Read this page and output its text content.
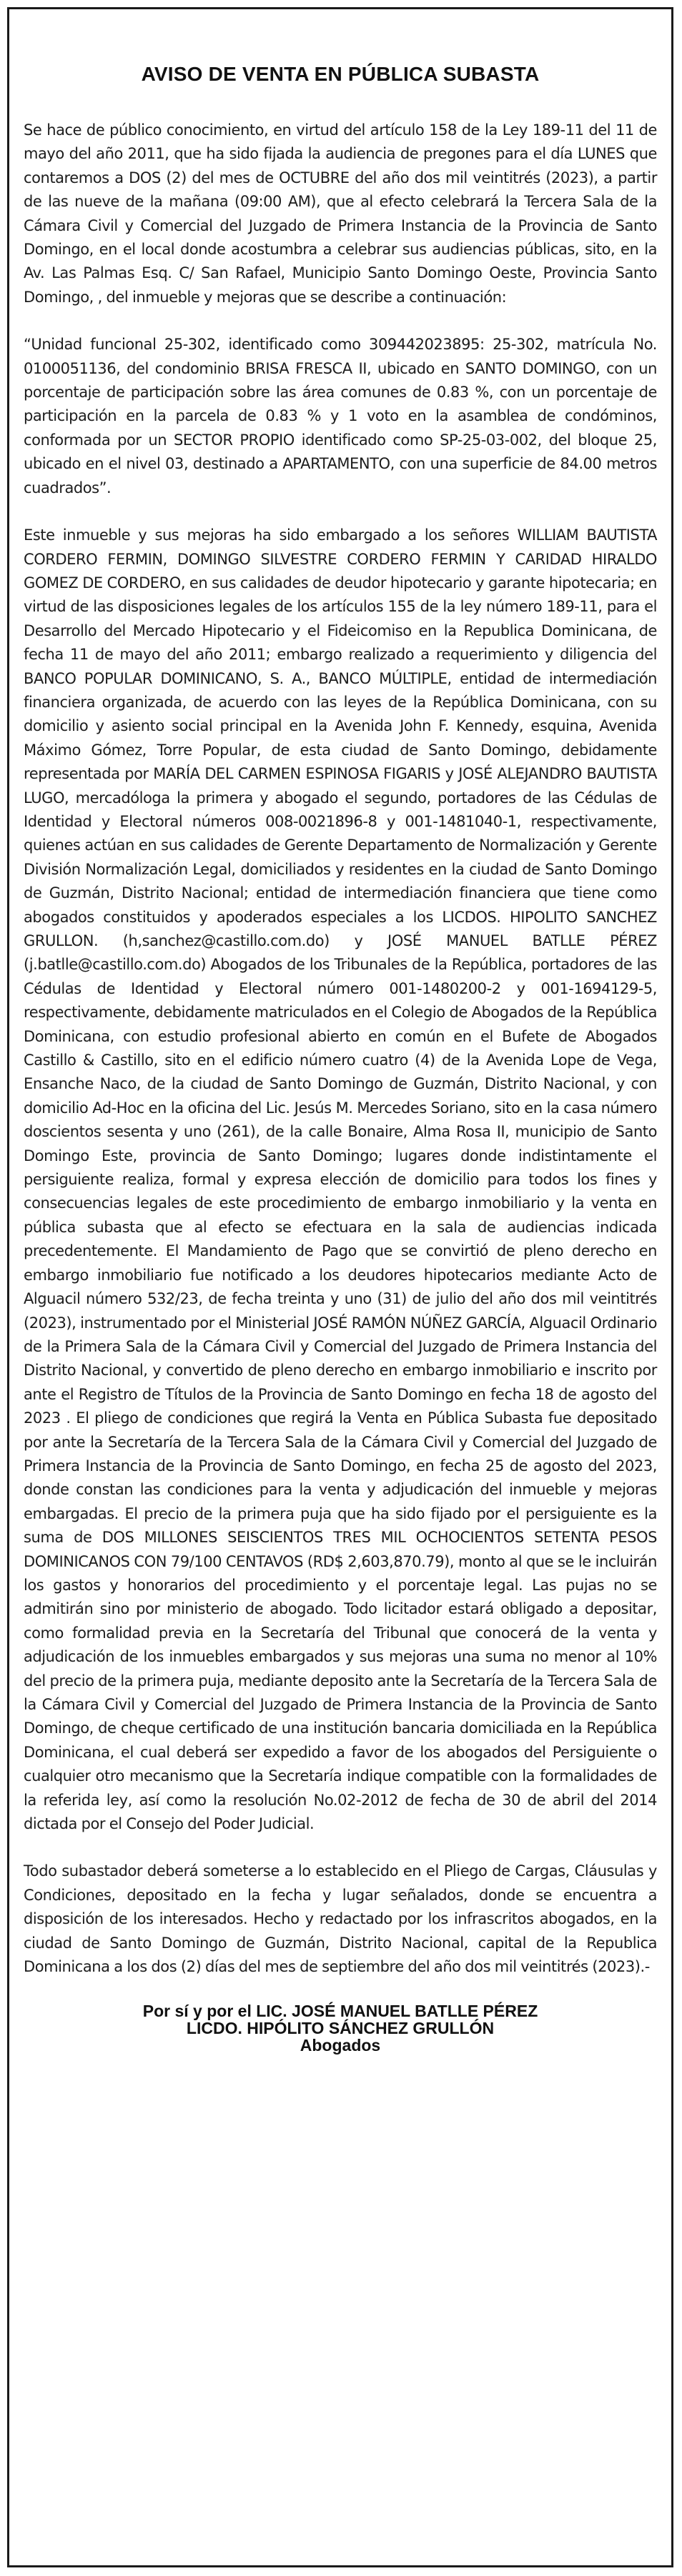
AVISO DE VENTA EN PÚBLICA SUBASTA

Se hace de público conocimiento, en virtud del artículo 158 de la Ley 189-11 del 11 de mayo del año 2011, que ha sido fijada la audiencia de pregones para el día LUNES que contaremos a DOS (2) del mes de OCTUBRE del año dos mil veintitrés (2023), a partir de las nueve de la mañana (09:00 AM), que al efecto celebrará la Tercera Sala de la Cámara Civil y Comercial del Juzgado de Primera Instancia de la Provincia de Santo Domingo, en el local donde acostumbra a celebrar sus audiencias públicas, sito, en la Av. Las Palmas Esq. C/ San Rafael, Municipio Santo Domingo Oeste, Provincia Santo Domingo, , del inmueble y mejoras que se describe a continuación:

“Unidad funcional 25-302, identificado como 309442023895: 25-302, matrícula No. 0100051136, del condominio BRISA FRESCA II, ubicado en SANTO DOMINGO, con un porcentaje de participación sobre las área comunes de 0.83 %, con un porcentaje de participación en la parcela de 0.83 % y 1 voto en la asamblea de condóminos, conformada por un SECTOR PROPIO identificado como SP-25-03-002, del bloque 25, ubicado en el nivel 03, destinado a APARTAMENTO, con una superficie de 84.00 metros cuadrados”.

Este inmueble y sus mejoras ha sido embargado a los señores WILLIAM BAUTISTA CORDERO FERMIN, DOMINGO SILVESTRE CORDERO FERMIN Y CARIDAD HIRALDO GOMEZ DE CORDERO, en sus calidades de deudor hipotecario y garante hipotecaria; en virtud de las disposiciones legales de los artículos 155 de la ley número 189-11, para el Desarrollo del Mercado Hipotecario y el Fideicomiso en la Republica Dominicana, de fecha 11 de mayo del año 2011; embargo realizado a requerimiento y diligencia del BANCO POPULAR DOMINICANO, S. A., BANCO MÚLTIPLE, entidad de intermediación financiera organizada, de acuerdo con las leyes de la República Dominicana, con su domicilio y asiento social principal en la Avenida John F. Kennedy, esquina, Avenida Máximo Gómez, Torre Popular, de esta ciudad de Santo Domingo, debidamente representada por MARÍA DEL CARMEN ESPINOSA FIGARIS y JOSÉ ALEJANDRO BAUTISTA LUGO, mercadóloga la primera y abogado el segundo, portadores de las Cédulas de Identidad y Electoral números 008-0021896-8 y 001-1481040-1, respectivamente, quienes actúan en sus calidades de Gerente Departamento de Normalización y Gerente División Normalización Legal, domiciliados y residentes en la ciudad de Santo Domingo de Guzmán, Distrito Nacional; entidad de intermediación financiera que tiene como abogados constituidos y apoderados especiales a los LICDOS. HIPOLITO SANCHEZ GRULLON. (h,sanchez@castillo.com.do) y JOSÉ MANUEL BATLLE PÉREZ (j.batlle@castillo.com.do) Abogados de los Tribunales de la República, portadores de las Cédulas de Identidad y Electoral número 001-1480200-2 y 001-1694129-5, respectivamente, debidamente matriculados en el Colegio de Abogados de la República Dominicana, con estudio profesional abierto en común en el Bufete de Abogados Castillo & Castillo, sito en el edificio número cuatro (4) de la Avenida Lope de Vega, Ensanche Naco, de la ciudad de Santo Domingo de Guzmán, Distrito Nacional, y con domicilio Ad-Hoc en la oficina del Lic. Jesús M. Mercedes Soriano, sito en la casa número doscientos sesenta y uno (261), de la calle Bonaire, Alma Rosa II, municipio de Santo Domingo Este, provincia de Santo Domingo; lugares donde indistintamente el persiguiente realiza, formal y expresa elección de domicilio para todos los fines y consecuencias legales de este procedimiento de embargo inmobiliario y la venta en pública subasta que al efecto se efectuara en la sala de audiencias indicada precedentemente. El Mandamiento de Pago que se convirtió de pleno derecho en embargo inmobiliario fue notificado a los deudores hipotecarios mediante Acto de Alguacil número 532/23, de fecha treinta y uno (31) de julio del año dos mil veintitrés (2023), instrumentado por el Ministerial JOSÉ RAMÓN NÚÑEZ GARCÍA, Alguacil Ordinario de la Primera Sala de la Cámara Civil y Comercial del Juzgado de Primera Instancia del Distrito Nacional, y convertido de pleno derecho en embargo inmobiliario e inscrito por ante el Registro de Títulos de la Provincia de Santo Domingo en fecha 18 de agosto del 2023 . El pliego de condiciones que regirá la Venta en Pública Subasta fue depositado por ante la Secretaría de la Tercera Sala de la Cámara Civil y Comercial del Juzgado de Primera Instancia de la Provincia de Santo Domingo, en fecha 25 de agosto del 2023, donde constan las condiciones para la venta y adjudicación del inmueble y mejoras embargadas. El precio de la primera puja que ha sido fijado por el persiguiente es la suma de DOS MILLONES SEISCIENTOS TRES MIL OCHOCIENTOS SETENTA PESOS DOMINICANOS CON 79/100 CENTAVOS (RD$ 2,603,870.79), monto al que se le incluirán los gastos y honorarios del procedimiento y el porcentaje legal. Las pujas no se admitirán sino por ministerio de abogado. Todo licitador estará obligado a depositar, como formalidad previa en la Secretaría del Tribunal que conocerá de la venta y adjudicación de los inmuebles embargados y sus mejoras una suma no menor al 10% del precio de la primera puja, mediante deposito ante la Secretaría de la Tercera Sala de la Cámara Civil y Comercial del Juzgado de Primera Instancia de la Provincia de Santo Domingo, de cheque certificado de una institución bancaria domiciliada en la República Dominicana, el cual deberá ser expedido a favor de los abogados del Persiguiente o cualquier otro mecanismo que la Secretaría indique compatible con la formalidades de la referida ley, así como la resolución No.02-2012 de fecha de 30 de abril del 2014 dictada por el Consejo del Poder Judicial.

Todo subastador deberá someterse a lo establecido en el Pliego de Cargas, Cláusulas y Condiciones, depositado en la fecha y lugar señalados, donde se encuentra a disposición de los interesados. Hecho y redactado por los infrascritos abogados, en la ciudad de Santo Domingo de Guzmán, Distrito Nacional, capital de la Republica Dominicana a los dos (2) días del mes de septiembre del año dos mil veintitrés (2023).-

Por sí y por el LIC. JOSÉ MANUEL BATLLE PÉREZ
LICDO. HIPÓLITO SÁNCHEZ GRULLÓN
Abogados
